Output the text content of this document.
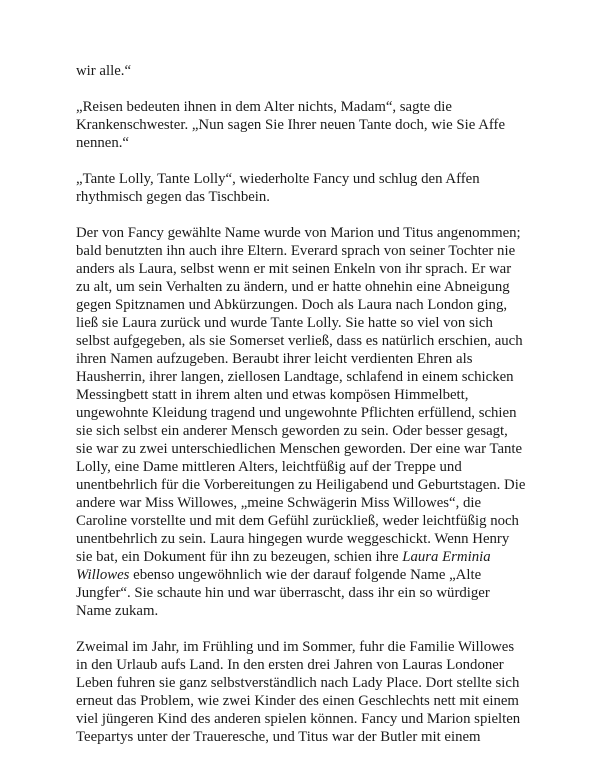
wir alle.“
„Reisen bedeuten ihnen in dem Alter nichts, Madam“, sagte die
Krankenschwester. „Nun sagen Sie Ihrer neuen Tante doch, wie Sie Affe
nennen.“
„Tante Lolly, Tante Lolly“, wiederholte Fancy und schlug den Affen
rhythmisch gegen das Tischbein.
Der von Fancy gewählte Name wurde von Marion und Titus angenommen;
bald benutzten ihn auch ihre Eltern. Everard sprach von seiner Tochter nie
anders als Laura, selbst wenn er mit seinen Enkeln von ihr sprach. Er war
zu alt, um sein Verhalten zu ändern, und er hatte ohnehin eine Abneigung
gegen Spitznamen und Abkürzungen. Doch als Laura nach London ging,
ließ sie Laura zurück und wurde Tante Lolly. Sie hatte so viel von sich
selbst aufgegeben, als sie Somerset verließ, dass es natürlich erschien, auch
ihren Namen aufzugeben. Beraubt ihrer leicht verdienten Ehren als
Hausherrin, ihrer langen, ziellosen Landtage, schlafend in einem schicken
Messingbett statt in ihrem alten und etwas kompösen Himmelbett,
ungewohnte Kleidung tragend und ungewohnte Pflichten erfüllend, schien
sie sich selbst ein anderer Mensch geworden zu sein. Oder besser gesagt,
sie war zu zwei unterschiedlichen Menschen geworden. Der eine war Tante
Lolly, eine Dame mittleren Alters, leichtfüßig auf der Treppe und
unentbehrlich für die Vorbereitungen zu Heiligabend und Geburtstagen. Die
andere war Miss Willowes, „meine Schwägerin Miss Willowes“, die
Caroline vorstellte und mit dem Gefühl zurückließ, weder leichtfüßig noch
unentbehrlich zu sein. Laura hingegen wurde weggeschickt. Wenn Henry
sie bat, ein Dokument für ihn zu bezeugen, schien ihre Laura Erminia
Willowes ebenso ungewöhnlich wie der darauf folgende Name „Alte
Jungfer“. Sie schaute hin und war überrascht, dass ihr ein so würdiger
Name zukam.
Zweimal im Jahr, im Frühling und im Sommer, fuhr die Familie Willowes
in den Urlaub aufs Land. In den ersten drei Jahren von Lauras Londoner
Leben fuhren sie ganz selbstverständlich nach Lady Place. Dort stellte sich
erneut das Problem, wie zwei Kinder des einen Geschlechts nett mit einem
viel jüngeren Kind des anderen spielen können. Fancy und Marion spielten
Teepartys unter der Traueresche, und Titus war der Butler mit einem
